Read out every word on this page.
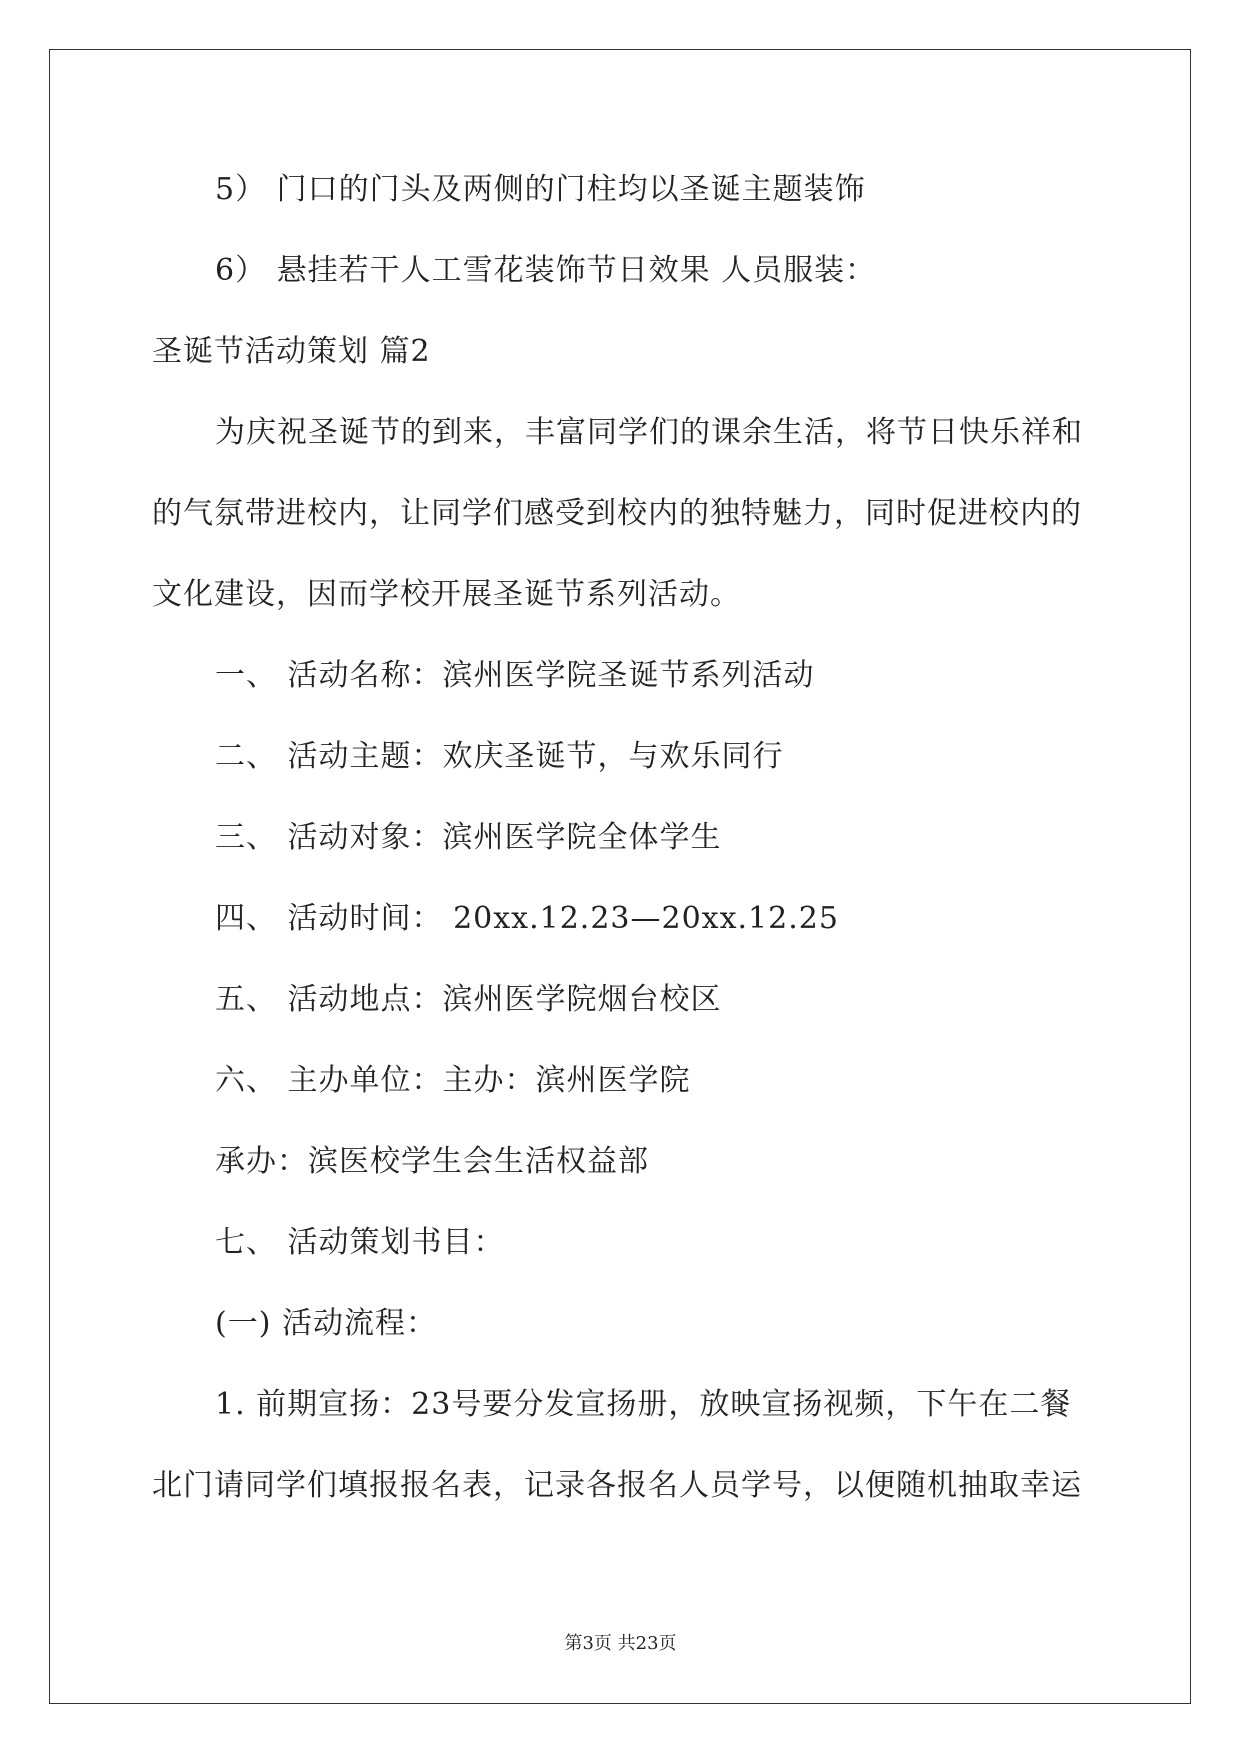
5） 门口的门头及两侧的门柱均以圣诞主题装饰
6） 悬挂若干人工雪花装饰节日效果 人员服装：
圣诞节活动策划 篇2
为庆祝圣诞节的到来，丰富同学们的课余生活，将节日快乐祥和
的气氛带进校内，让同学们感受到校内的独特魅力，同时促进校内的
文化建设，因而学校开展圣诞节系列活动。
一、 活动名称：滨州医学院圣诞节系列活动
二、 活动主题：欢庆圣诞节，与欢乐同行
三、 活动对象：滨州医学院全体学生
四、 活动时间： 20xx.12.23—20xx.12.25
五、 活动地点：滨州医学院烟台校区
六、 主办单位：主办：滨州医学院
承办：滨医校学生会生活权益部
七、 活动策划书目：
(一) 活动流程：
1. 前期宣扬：23号要分发宣扬册，放映宣扬视频，下午在二餐
北门请同学们填报报名表，记录各报名人员学号，以便随机抽取幸运
第3页 共23页
